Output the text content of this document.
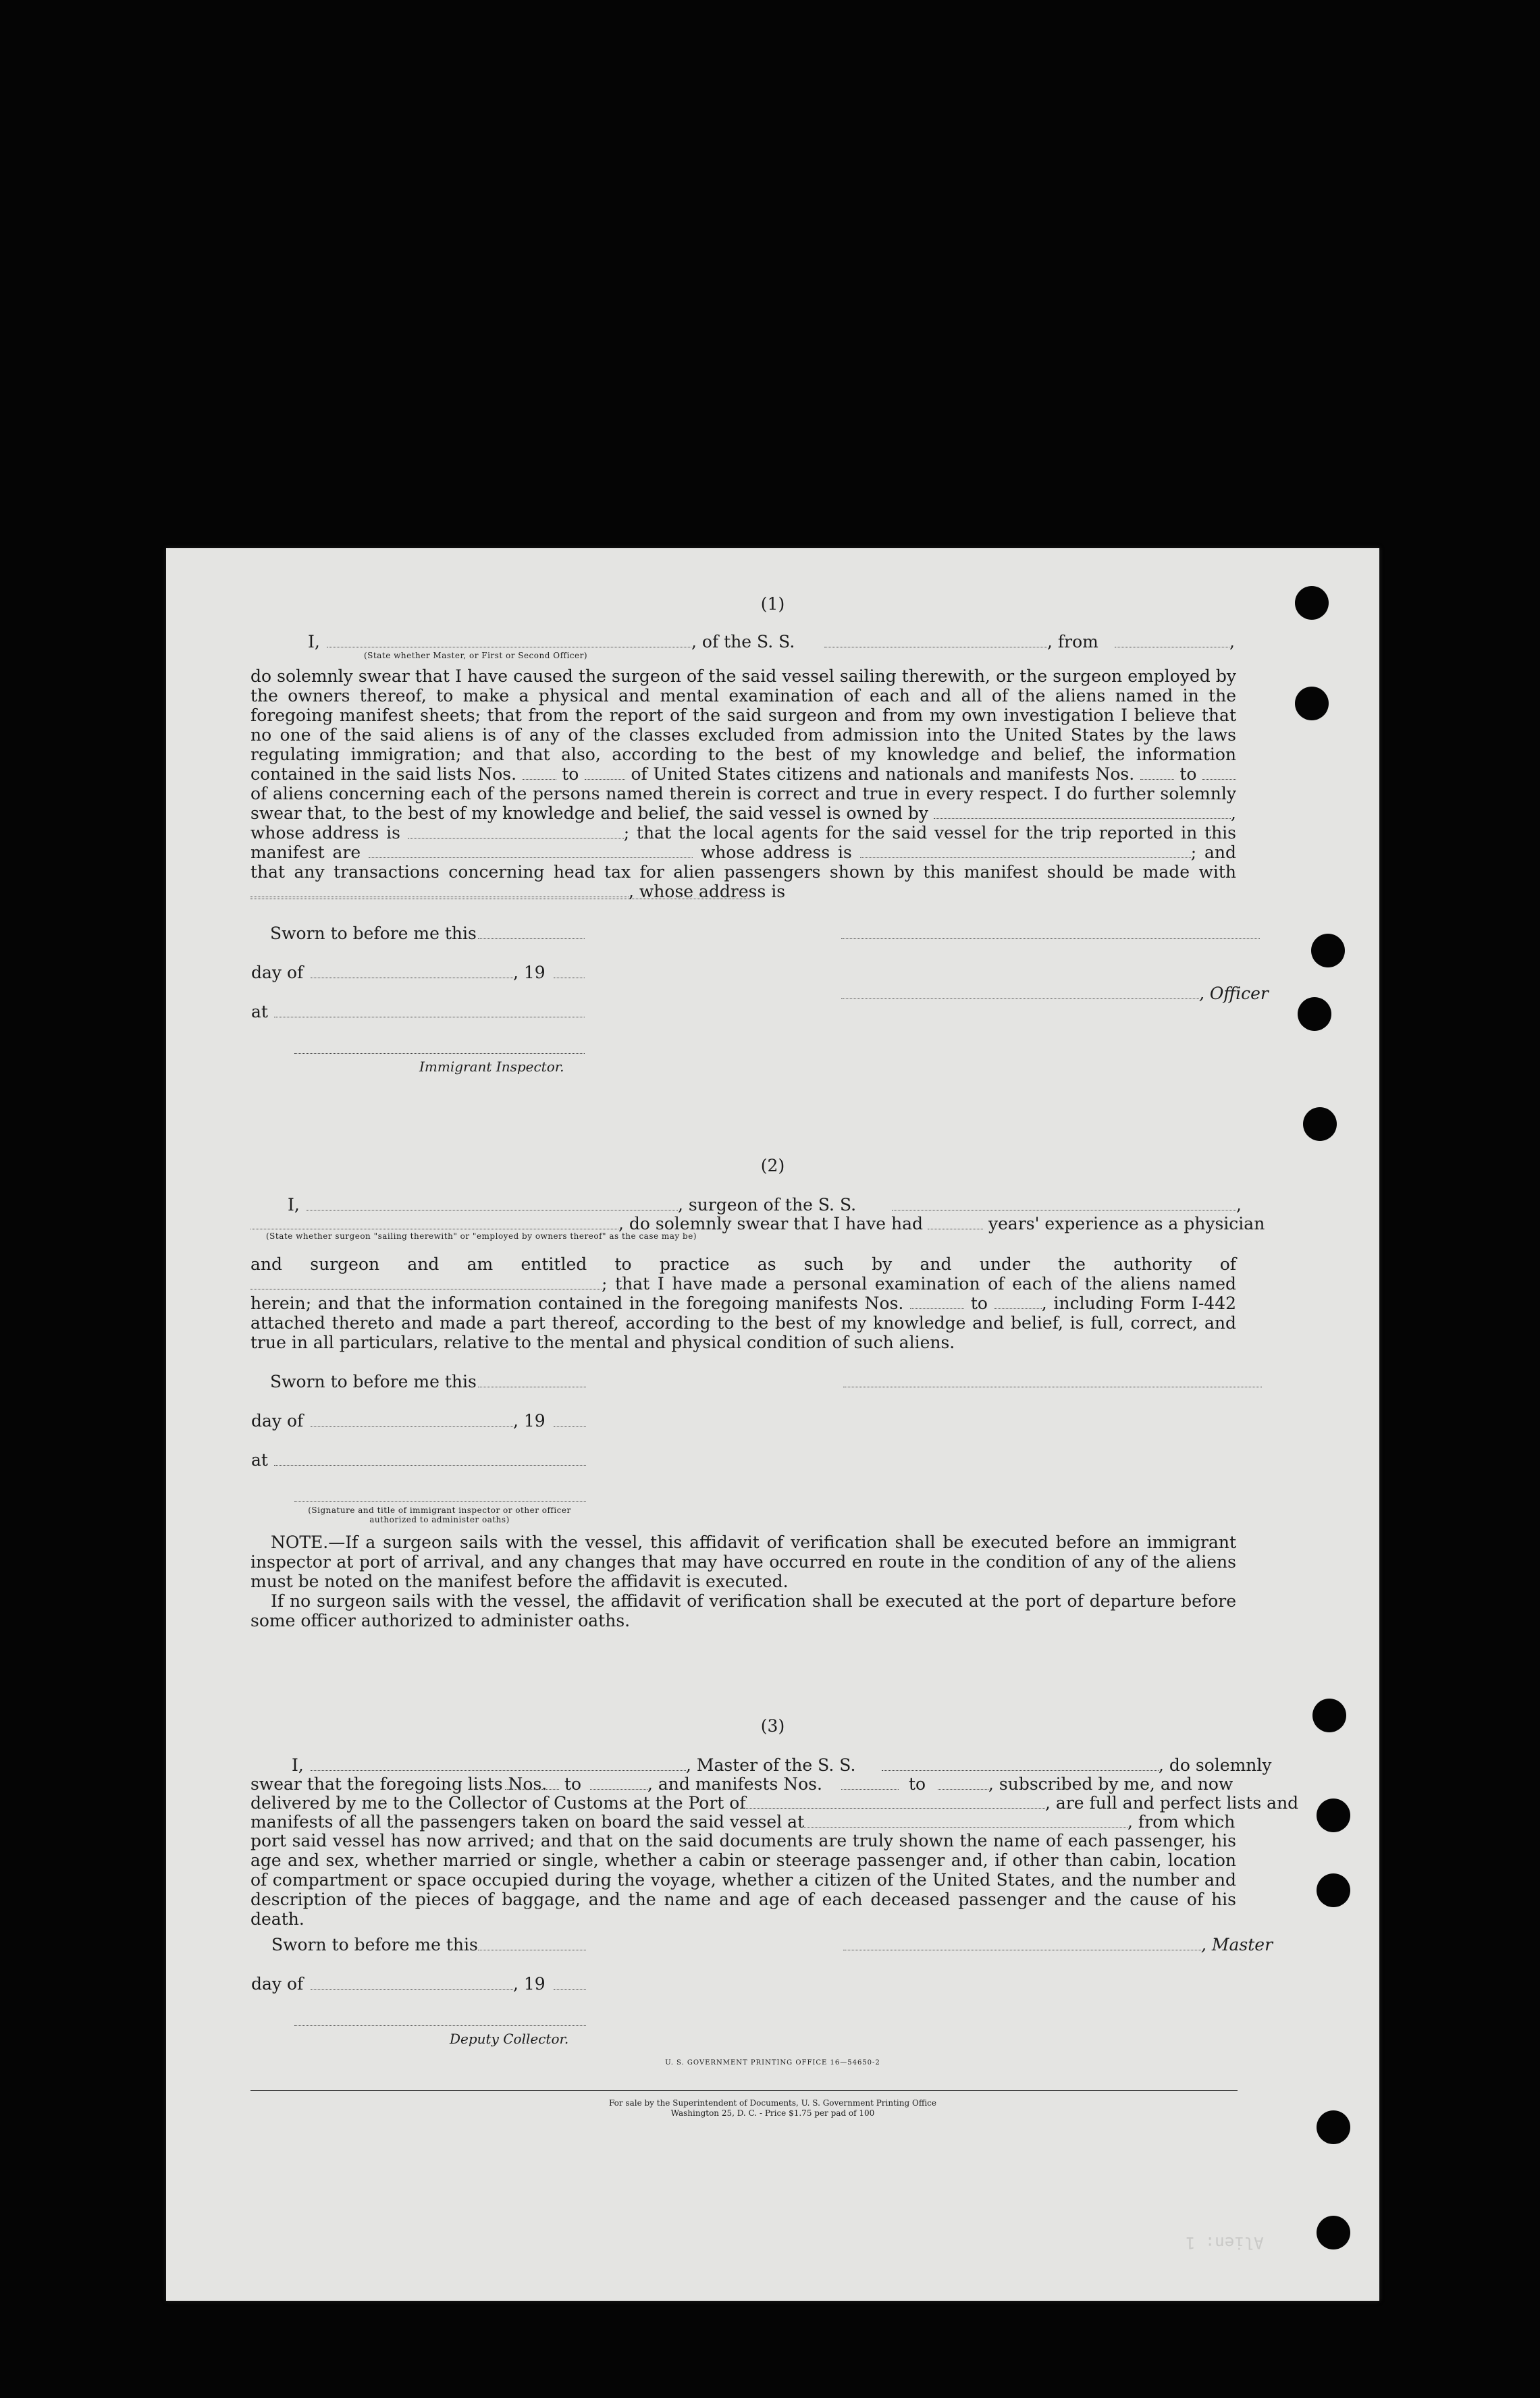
(1)
I,	, of the S. S.	, from	,
(State whether Master, or First or Second Officer)
do solemnly swear that I have caused the surgeon of the said vessel sailing therewith, or the surgeon employed by the owners thereof, to make a physical and mental examination of each and all of the aliens named in the foregoing manifest sheets; that from the report of the said surgeon and from my own investigation I believe that no one of the said aliens is of any of the classes excluded from admission into the United States by the laws regulating immigration; and that also, according to the best of my knowledge and belief, the information contained in the said lists Nos.	to	of United States citizens and nationals and manifests Nos.	to  of aliens concerning each of the persons named therein is correct and true in every respect. I do further solemnly swear that, to the best of my knowledge and belief, the said vessel is owned by	, whose address is	; that the local agents for the said vessel for the trip reported in this manifest are	whose address is	; and that any transactions concerning head tax for alien passengers shown by this manifest should be made with , whose address is
Sworn to before me this
day of	, 19
, Officer
at
Immigrant Inspector.
(2)
I,	, surgeon of the S. S.	,
, do solemnly swear that I have had	years' experience as a physician
(State whether surgeon "sailing therewith" or "employed by owners thereof" as the case may be)
and surgeon and am entitled to practice as such by and under the authority of ; that I have made a personal examination of each of the aliens named herein; and that the information contained in the foregoing manifests Nos.	to	, including Form I-442 attached thereto and made a part thereof, according to the best of my knowledge and belief, is full, correct, and true in all particulars, relative to the mental and physical condition of such aliens.
Sworn to before me this
day of	, 19
at
(Signature and title of immigrant inspector or other officer authorized to administer oaths)
NOTE.—If a surgeon sails with the vessel, this affidavit of verification shall be executed before an immigrant inspector at port of arrival, and any changes that may have occurred en route in the condition of any of the aliens must be noted on the manifest before the affidavit is executed.
If no surgeon sails with the vessel, the affidavit of verification shall be executed at the port of departure before some officer authorized to administer oaths.
(3)
I,	, Master of the S. S.	, do solemnly
swear that the foregoing lists Nos. to	, and manifests Nos.	to	, subscribed by me, and now
delivered by me to the Collector of Customs at the Port of	, are full and perfect lists and
manifests of all the passengers taken on board the said vessel at	, from which
port said vessel has now arrived; and that on the said documents are truly shown the name of each passenger, his age and sex, whether married or single, whether a cabin or steerage passenger and, if other than cabin, location of compartment or space occupied during the voyage, whether a citizen of the United States, and the number and description of the pieces of baggage, and the name and age of each deceased passenger and the cause of his death.
Sworn to before me this	, Master
day of	, 19
Deputy Collector.
U. S. GOVERNMENT PRINTING OFFICE 16—54650-2
For sale by the Superintendent of Documents, U. S. Government Printing Office
Washington 25, D. C. - Price $1.75 per pad of 100
Alien: 1
